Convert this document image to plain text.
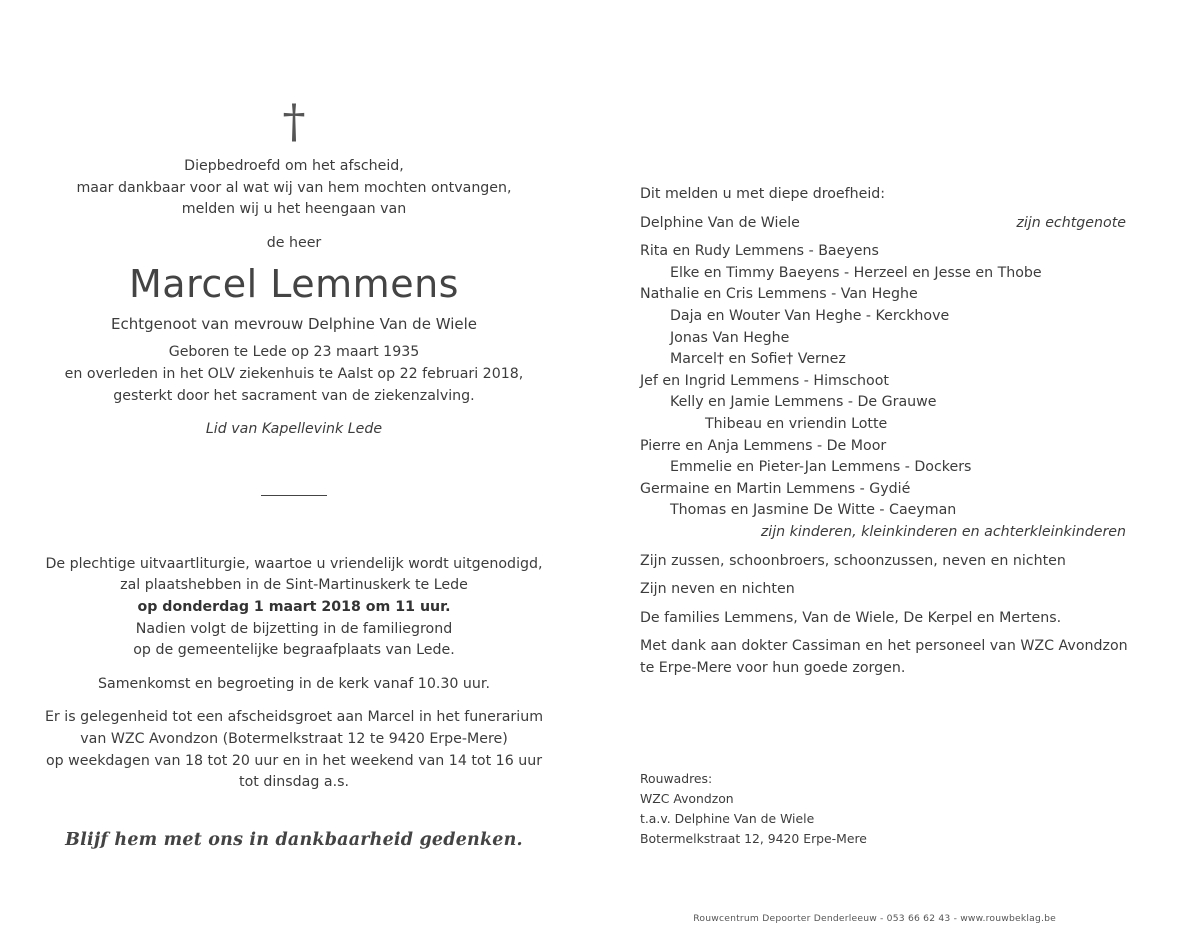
†
Diepbedroefd om het afscheid,
maar dankbaar voor al wat wij van hem mochten ontvangen,
melden wij u het heengaan van
de heer
Marcel Lemmens
Echtgenoot van mevrouw Delphine Van de Wiele
Geboren te Lede op 23 maart 1935
en overleden in het OLV ziekenhuis te Aalst op 22 februari 2018,
gesterkt door het sacrament van de ziekenzalving.
Lid van Kapellevink Lede
De plechtige uitvaartliturgie, waartoe u vriendelijk wordt uitgenodigd,
zal plaatshebben in de Sint-Martinuskerk te Lede
op donderdag 1 maart 2018 om 11 uur.
Nadien volgt de bijzetting in de familiegrond
op de gemeentelijke begraafplaats van Lede.
Samenkomst en begroeting in de kerk vanaf 10.30 uur.
Er is gelegenheid tot een afscheidsgroet aan Marcel in het funerarium
van WZC Avondzon (Botermelkstraat 12 te 9420 Erpe-Mere)
op weekdagen van 18 tot 20 uur en in het weekend van 14 tot 16 uur
tot dinsdag a.s.
Blijf hem met ons in dankbaarheid gedenken.
Dit melden u met diepe droefheid:
Delphine Van de Wiele	zijn echtgenote
Rita en Rudy Lemmens - Baeyens
Elke en Timmy Baeyens - Herzeel en Jesse en Thobe
Nathalie en Cris Lemmens - Van Heghe
Daja en Wouter Van Heghe - Kerckhove
Jonas Van Heghe
Marcel† en Sofie† Vernez
Jef en Ingrid Lemmens - Himschoot
Kelly en Jamie Lemmens - De Grauwe
Thibeau en vriendin Lotte
Pierre en Anja Lemmens - De Moor
Emmelie en Pieter-Jan Lemmens - Dockers
Germaine en Martin Lemmens - Gydié
Thomas en Jasmine De Witte - Caeyman
zijn kinderen, kleinkinderen en achterkleinkinderen
Zijn zussen, schoonbroers, schoonzussen, neven en nichten
Zijn neven en nichten
De families Lemmens, Van de Wiele, De Kerpel en Mertens.
Met dank aan dokter Cassiman en het personeel van WZC Avondzon
te Erpe-Mere voor hun goede zorgen.
Rouwadres:
WZC Avondzon
t.a.v. Delphine Van de Wiele
Botermelkstraat 12, 9420 Erpe-Mere
Rouwcentrum Depoorter Denderleeuw - 053 66 62 43 - www.rouwbeklag.be
